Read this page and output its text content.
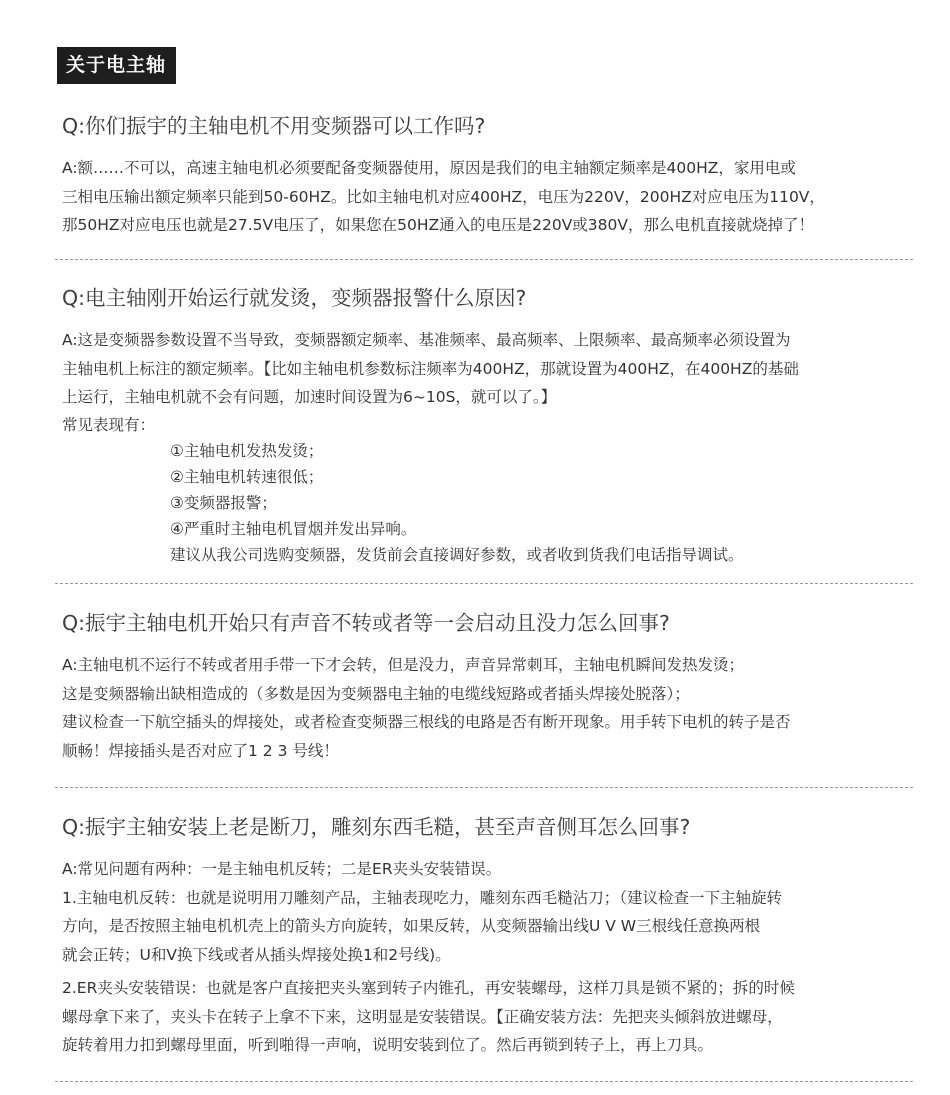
关于电主轴
Q:你们振宇的主轴电机不用变频器可以工作吗?
A:额……不可以，高速主轴电机必须要配备变频器使用，原因是我们的电主轴额定频率是400HZ，家用电或
三相电压输出额定频率只能到50-60HZ。比如主轴电机对应400HZ，电压为220V，200HZ对应电压为110V，
那50HZ对应电压也就是27.5V电压了，如果您在50HZ通入的电压是220V或380V，那么电机直接就烧掉了！
Q:电主轴刚开始运行就发烫，变频器报警什么原因?
A:这是变频器参数设置不当导致，变频器额定频率、基准频率、最高频率、上限频率、最高频率必须设置为
主轴电机上标注的额定频率。【比如主轴电机参数标注频率为400HZ，那就设置为400HZ，在400HZ的基础
上运行，主轴电机就不会有问题，加速时间设置为6~10S，就可以了。】
常见表现有：
①主轴电机发热发烫；
②主轴电机转速很低；
③变频器报警；
④严重时主轴电机冒烟并发出异响。
建议从我公司选购变频器，发货前会直接调好参数，或者收到货我们电话指导调试。
Q:振宇主轴电机开始只有声音不转或者等一会启动且没力怎么回事?
A:主轴电机不运行不转或者用手带一下才会转，但是没力，声音异常刺耳，主轴电机瞬间发热发烫；
这是变频器输出缺相造成的（多数是因为变频器电主轴的电缆线短路或者插头焊接处脱落）；
建议检查一下航空插头的焊接处，或者检查变频器三根线的电路是否有断开现象。用手转下电机的转子是否
顺畅！焊接插头是否对应了1 2 3 号线！
Q:振宇主轴安装上老是断刀，雕刻东西毛糙，甚至声音侧耳怎么回事?
A:常见问题有两种：一是主轴电机反转；二是ER夹头安装错误。
1.主轴电机反转：也就是说明用刀雕刻产品，主轴表现吃力，雕刻东西毛糙沾刀；（建议检查一下主轴旋转
方向，是否按照主轴电机机壳上的箭头方向旋转，如果反转，从变频器输出线U V W三根线任意换两根
就会正转；U和V换下线或者从插头焊接处换1和2号线)。
2.ER夹头安装错误：也就是客户直接把夹头塞到转子内锥孔，再安装螺母，这样刀具是锁不紧的；拆的时候
螺母拿下来了，夹头卡在转子上拿不下来，这明显是安装错误。【正确安装方法：先把夹头倾斜放进螺母，
旋转着用力扣到螺母里面，听到啪得一声响，说明安装到位了。然后再锁到转子上，再上刀具。
